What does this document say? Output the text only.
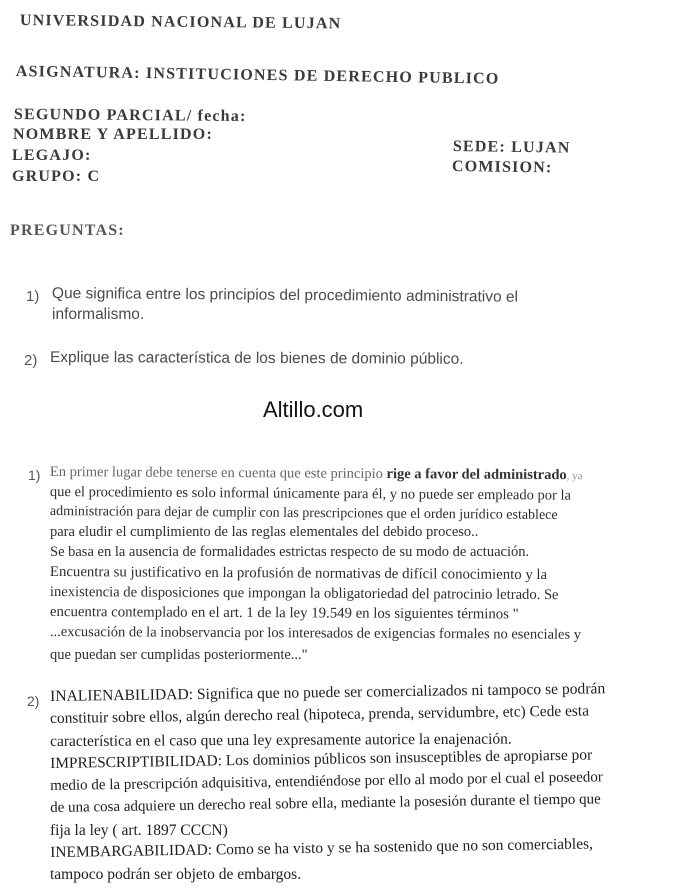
UNIVERSIDAD NACIONAL DE LUJAN
ASIGNATURA: INSTITUCIONES DE DERECHO PUBLICO
SEGUNDO PARCIAL/ fecha:
NOMBRE Y APELLIDO:
LEGAJO:
GRUPO: C
SEDE: LUJAN
COMISION:
PREGUNTAS:
1) Que significa entre los principios del procedimiento administrativo el
informalismo.
2) Explique las característica de los bienes de dominio público.
Altillo.com
1) En primer lugar debe tenerse en cuenta que este principio rige a favor del administrado, ya
que el procedimiento es solo informal únicamente para él, y no puede ser empleado por la
administración para dejar de cumplir con las prescripciones que el orden jurídico establece
para eludir el cumplimiento de las reglas elementales del debido proceso..
Se basa en la ausencia de formalidades estrictas respecto de su modo de actuación.
Encuentra su justificativo en la profusión de normativas de difícil conocimiento y la
inexistencia de disposiciones que impongan la obligatoriedad del patrocinio letrado. Se
encuentra contemplado en el art. 1 de la ley 19.549 en los siguientes términos "
...excusación de la inobservancia por los interesados de exigencias formales no esenciales y
que puedan ser cumplidas posteriormente..."
2) INALIENABILIDAD: Significa que no puede ser comercializados ni tampoco se podrán
constituir sobre ellos, algún derecho real (hipoteca, prenda, servidumbre, etc) Cede esta
característica en el caso que una ley expresamente autorice la enajenación.
IMPRESCRIPTIBILIDAD: Los dominios públicos son insusceptibles de apropiarse por
medio de la prescripción adquisitiva, entendiéndose por ello al modo por el cual el poseedor
de una cosa adquiere un derecho real sobre ella, mediante la posesión durante el tiempo que
fija la ley ( art. 1897 CCCN)
INEMBARGABILIDAD: Como se ha visto y se ha sostenido que no son comerciables,
tampoco podrán ser objeto de embargos.
